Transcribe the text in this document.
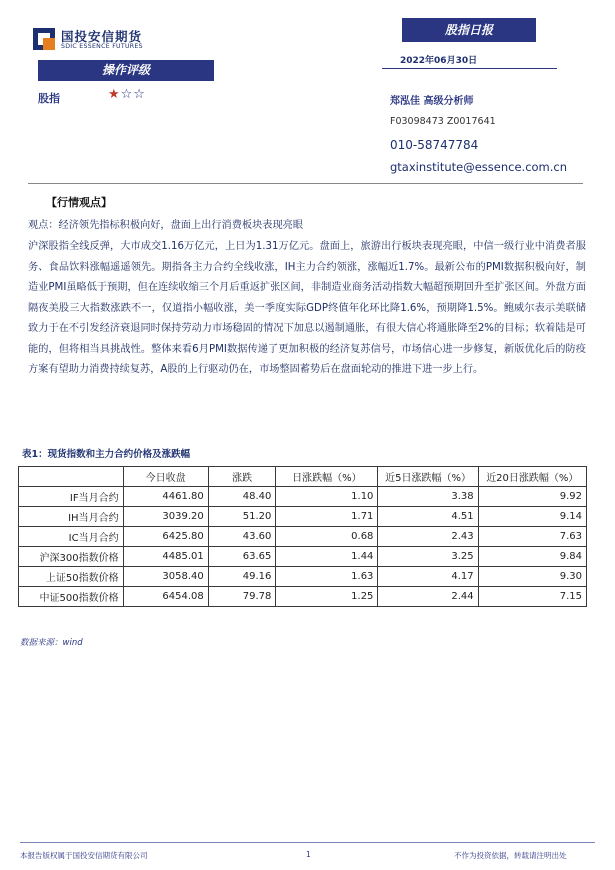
国投安信期货
SDIC ESSENCE FUTURES
股指日报
2022年06月30日
操作评级
股指	★☆☆	郑泓佳 高级分析师
F03098473 Z0017641
010-58747784
gtaxinstitute@essence.com.cn
【行情观点】
观点：经济领先指标积极向好，盘面上出行消费板块表现亮眼
沪深股指全线反弹，大市成交1.16万亿元，上日为1.31万亿元。盘面上，旅游出行板块表现亮眼，中信一级行业中消费者服务、食品饮料涨幅遥遥领先。期指各主力合约全线收涨，IH主力合约领涨，涨幅近1.7%。最新公布的PMI数据积极向好，制造业PMI虽略低于预期，但在连续收缩三个月后重返扩张区间，非制造业商务活动指数大幅超预期回升至扩张区间。外盘方面隔夜美股三大指数涨跌不一，仅道指小幅收涨，美一季度实际GDP终值年化环比降1.6%，预期降1.5%。鲍威尔表示美联储致力于在不引发经济衰退同时保持劳动力市场稳固的情况下加息以遏制通胀，有很大信心将通胀降至2%的目标；软着陆是可能的，但将相当具挑战性。整体来看6月PMI数据传递了更加积极的经济复苏信号，市场信心进一步修复，新版优化后的防疫方案有望助力消费持续复苏，A股的上行驱动仍在，市场整固蓄势后在盘面轮动的推进下进一步上行。
表1：现货指数和主力合约价格及涨跌幅
	今日收盘	涨跌	日涨跌幅（%）	近5日涨跌幅（%）	近20日涨跌幅（%）
IF当月合约	4461.80	48.40	1.10	3.38	9.92
IH当月合约	3039.20	51.20	1.71	4.51	9.14
IC当月合约	6425.80	43.60	0.68	2.43	7.63
沪深300指数价格	4485.01	63.65	1.44	3.25	9.84
上证50指数价格	3058.40	49.16	1.63	4.17	9.30
中证500指数价格	6454.08	79.78	1.25	2.44	7.15
数据来源：wind
本报告版权属于国投安信期货有限公司	1	不作为投资依据，转载请注明出处
